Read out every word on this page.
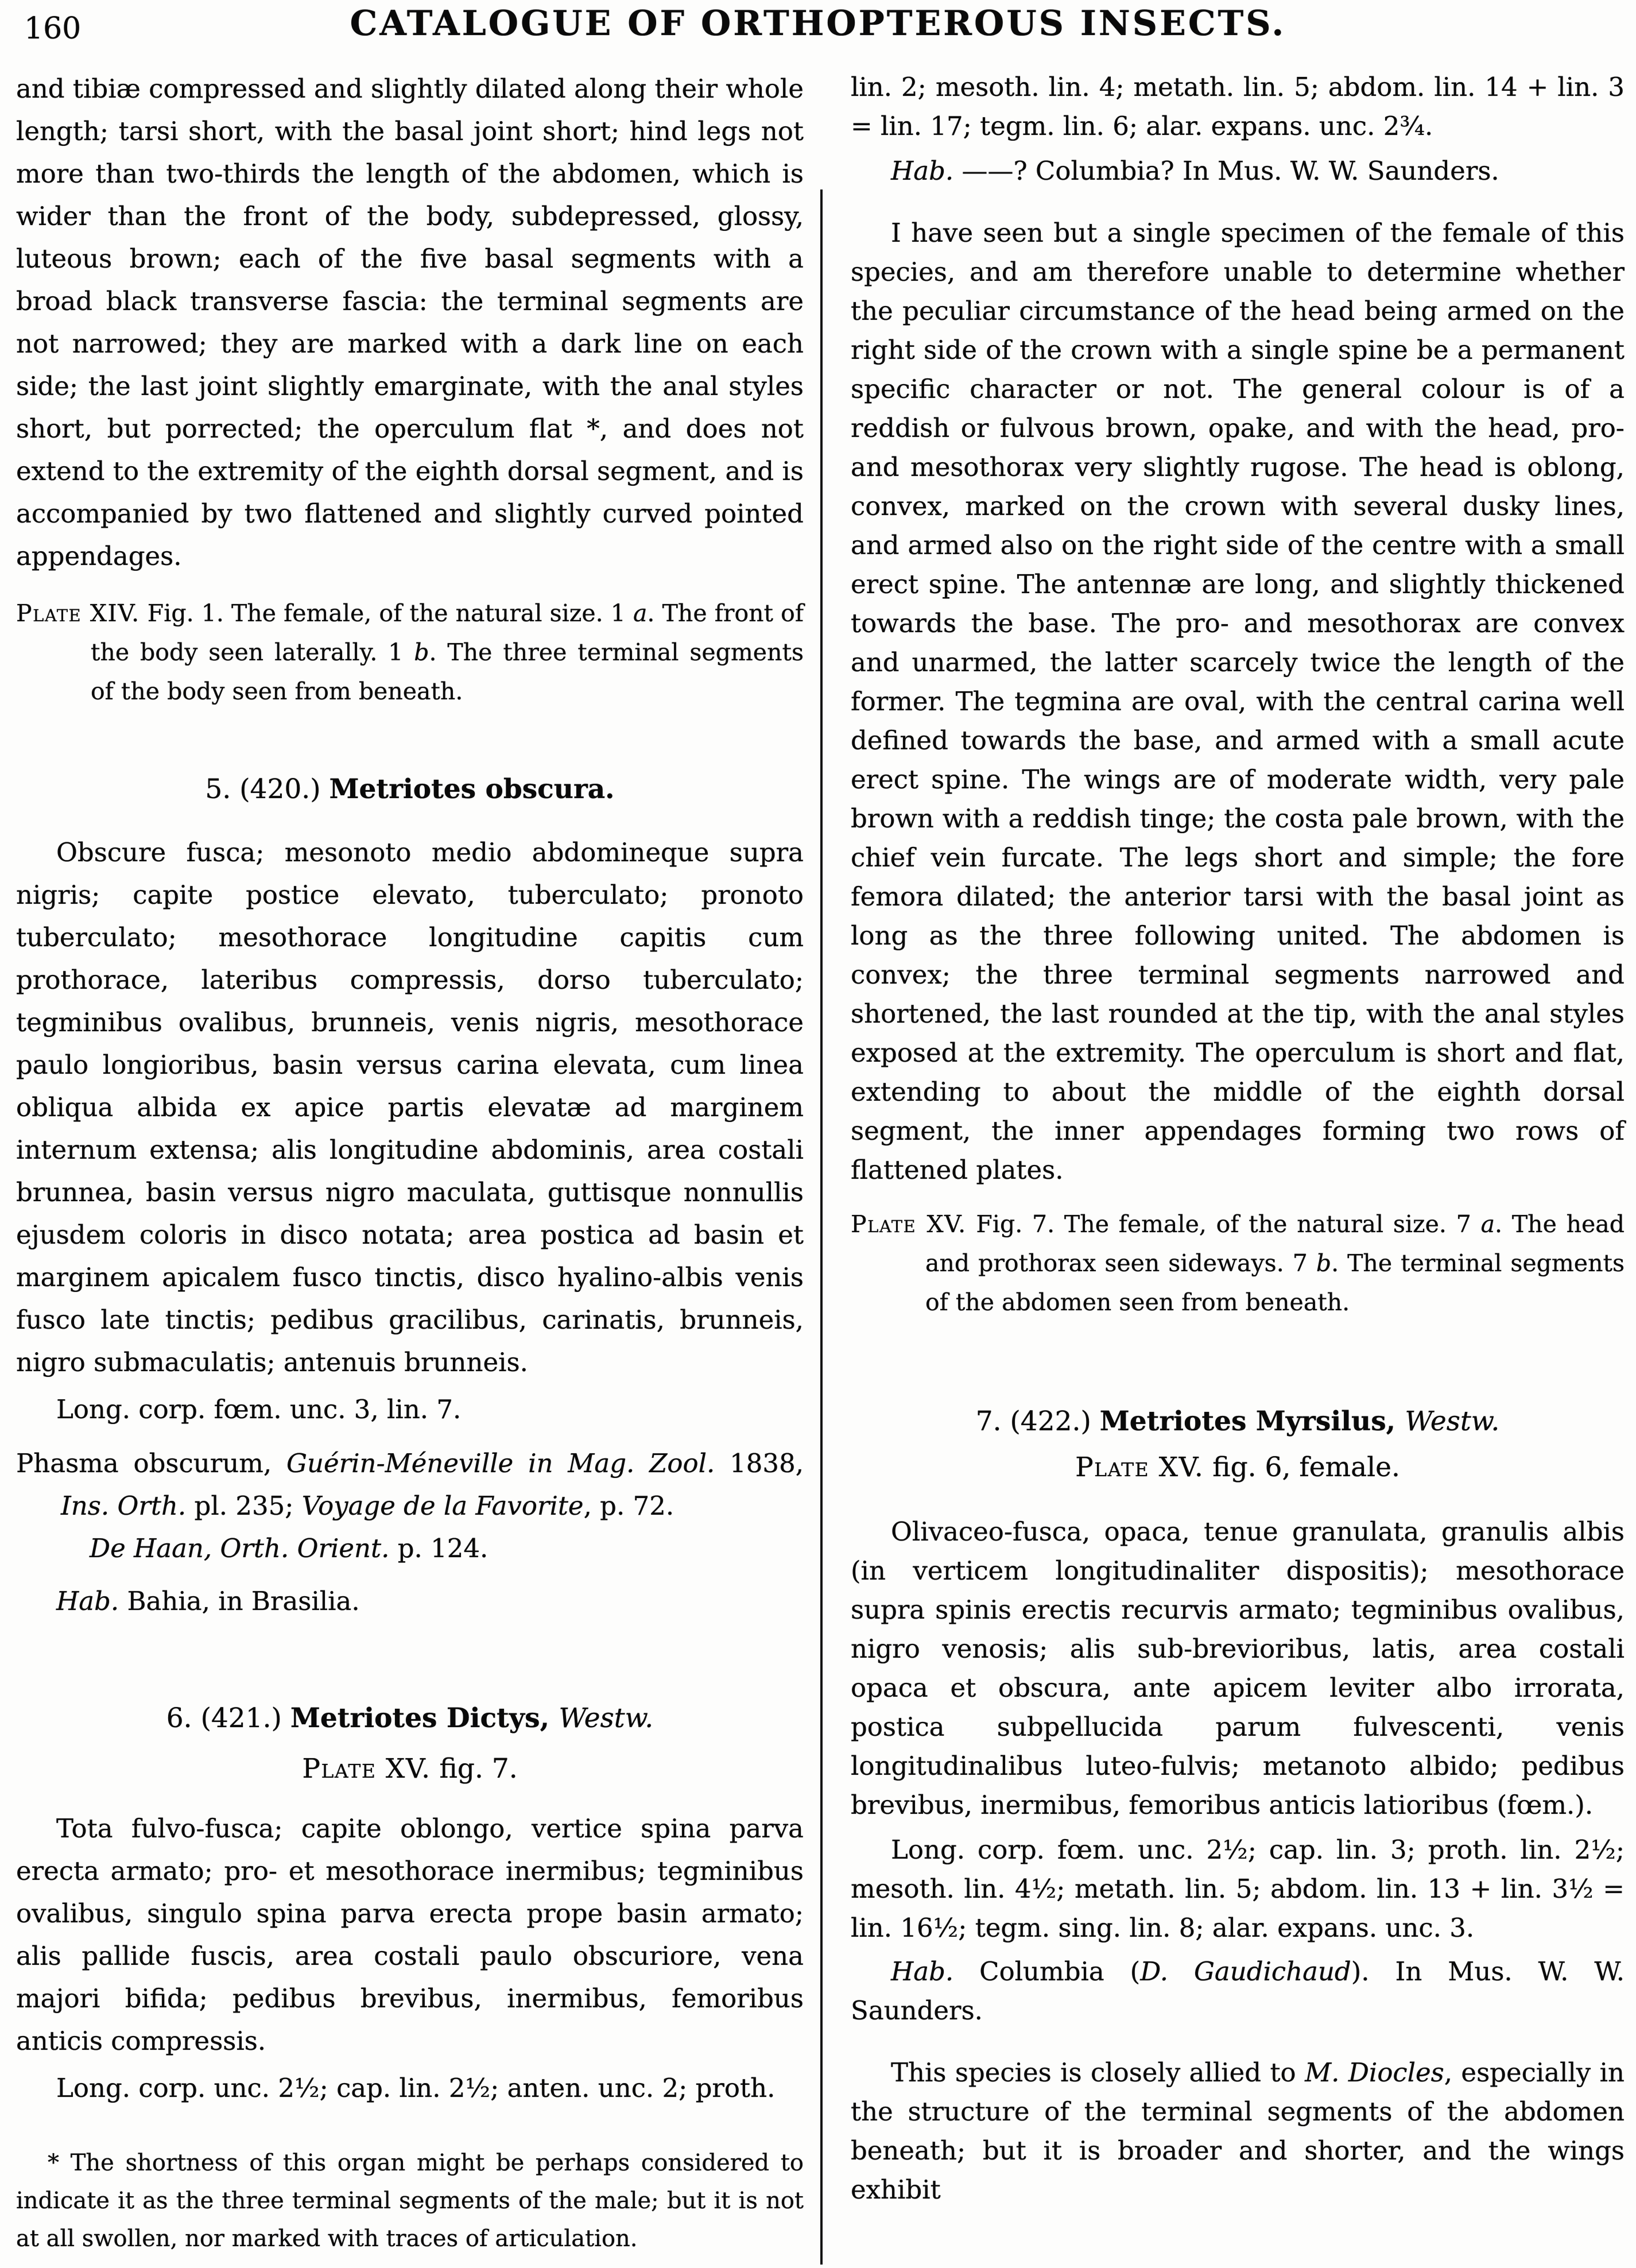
160	CATALOGUE OF ORTHOPTEROUS INSECTS.
and tibiæ compressed and slightly dilated along their whole length; tarsi short, with the basal joint short; hind legs not more than two-thirds the length of the abdomen, which is wider than the front of the body, subdepressed, glossy, luteous brown; each of the five basal segments with a broad black transverse fascia: the terminal segments are not narrowed; they are marked with a dark line on each side; the last joint slightly emarginate, with the anal styles short, but porrected; the operculum flat *, and does not extend to the extremity of the eighth dorsal segment, and is accompanied by two flattened and slightly curved pointed appendages.
Plate XIV. Fig. 1. The female, of the natural size. 1 a. The front of the body seen laterally. 1 b. The three terminal segments of the body seen from beneath.
5. (420.) Metriotes obscura.
Obscure fusca; mesonoto medio abdomineque supra nigris; capite postice elevato, tuberculato; pronoto tuberculato; mesothorace longitudine capitis cum prothorace, lateribus compressis, dorso tuberculato; tegminibus ovalibus, brunneis, venis nigris, mesothorace paulo longioribus, basin versus carina elevata, cum linea obliqua albida ex apice partis elevatæ ad marginem internum extensa; alis longitudine abdominis, area costali brunnea, basin versus nigro maculata, guttisque nonnullis ejusdem coloris in disco notata; area postica ad basin et marginem apicalem fusco tinctis, disco hyalino-albis venis fusco late tinctis; pedibus gracilibus, carinatis, brunneis, nigro submaculatis; antenuis brunneis.
Long. corp. fœm. unc. 3, lin. 7.
Phasma obscurum, Guérin-Méneville in Mag. Zool. 1838, Ins. Orth. pl. 235; Voyage de la Favorite, p. 72.
De Haan, Orth. Orient. p. 124.
Hab. Bahia, in Brasilia.
6. (421.) Metriotes Dictys, Westw.
Plate XV. fig. 7.
Tota fulvo-fusca; capite oblongo, vertice spina parva erecta armato; pro- et mesothorace inermibus; tegminibus ovalibus, singulo spina parva erecta prope basin armato; alis pallide fuscis, area costali paulo obscuriore, vena majori bifida; pedibus brevibus, inermibus, femoribus anticis compressis.
Long. corp. unc. 2½; cap. lin. 2½; anten. unc. 2; proth.
* The shortness of this organ might be perhaps considered to indicate it as the three terminal segments of the male; but it is not at all swollen, nor marked with traces of articulation.
lin. 2; mesoth. lin. 4; metath. lin. 5; abdom. lin. 14 + lin. 3 = lin. 17; tegm. lin. 6; alar. expans. unc. 2¾.
Hab. ——? Columbia? In Mus. W. W. Saunders.
I have seen but a single specimen of the female of this species, and am therefore unable to determine whether the peculiar circumstance of the head being armed on the right side of the crown with a single spine be a permanent specific character or not. The general colour is of a reddish or fulvous brown, opake, and with the head, pro- and mesothorax very slightly rugose. The head is oblong, convex, marked on the crown with several dusky lines, and armed also on the right side of the centre with a small erect spine. The antennæ are long, and slightly thickened towards the base. The pro- and mesothorax are convex and unarmed, the latter scarcely twice the length of the former. The tegmina are oval, with the central carina well defined towards the base, and armed with a small acute erect spine. The wings are of moderate width, very pale brown with a reddish tinge; the costa pale brown, with the chief vein furcate. The legs short and simple; the fore femora dilated; the anterior tarsi with the basal joint as long as the three following united. The abdomen is convex; the three terminal segments narrowed and shortened, the last rounded at the tip, with the anal styles exposed at the extremity. The operculum is short and flat, extending to about the middle of the eighth dorsal segment, the inner appendages forming two rows of flattened plates.
Plate XV. Fig. 7. The female, of the natural size. 7 a. The head and prothorax seen sideways. 7 b. The terminal segments of the abdomen seen from beneath.
7. (422.) Metriotes Myrsilus, Westw.
Plate XV. fig. 6, female.
Olivaceo-fusca, opaca, tenue granulata, granulis albis (in verticem longitudinaliter dispositis); mesothorace supra spinis erectis recurvis armato; tegminibus ovalibus, nigro venosis; alis sub-brevioribus, latis, area costali opaca et obscura, ante apicem leviter albo irrorata, postica subpellucida parum fulvescenti, venis longitudinalibus luteo-fulvis; metanoto albido; pedibus brevibus, inermibus, femoribus anticis latioribus (fœm.).
Long. corp. fœm. unc. 2½; cap. lin. 3; proth. lin. 2½; mesoth. lin. 4½; metath. lin. 5; abdom. lin. 13 + lin. 3½ = lin. 16½; tegm. sing. lin. 8; alar. expans. unc. 3.
Hab. Columbia (D. Gaudichaud). In Mus. W. W. Saunders.
This species is closely allied to M. Diocles, especially in the structure of the terminal segments of the abdomen beneath; but it is broader and shorter, and the wings exhibit
